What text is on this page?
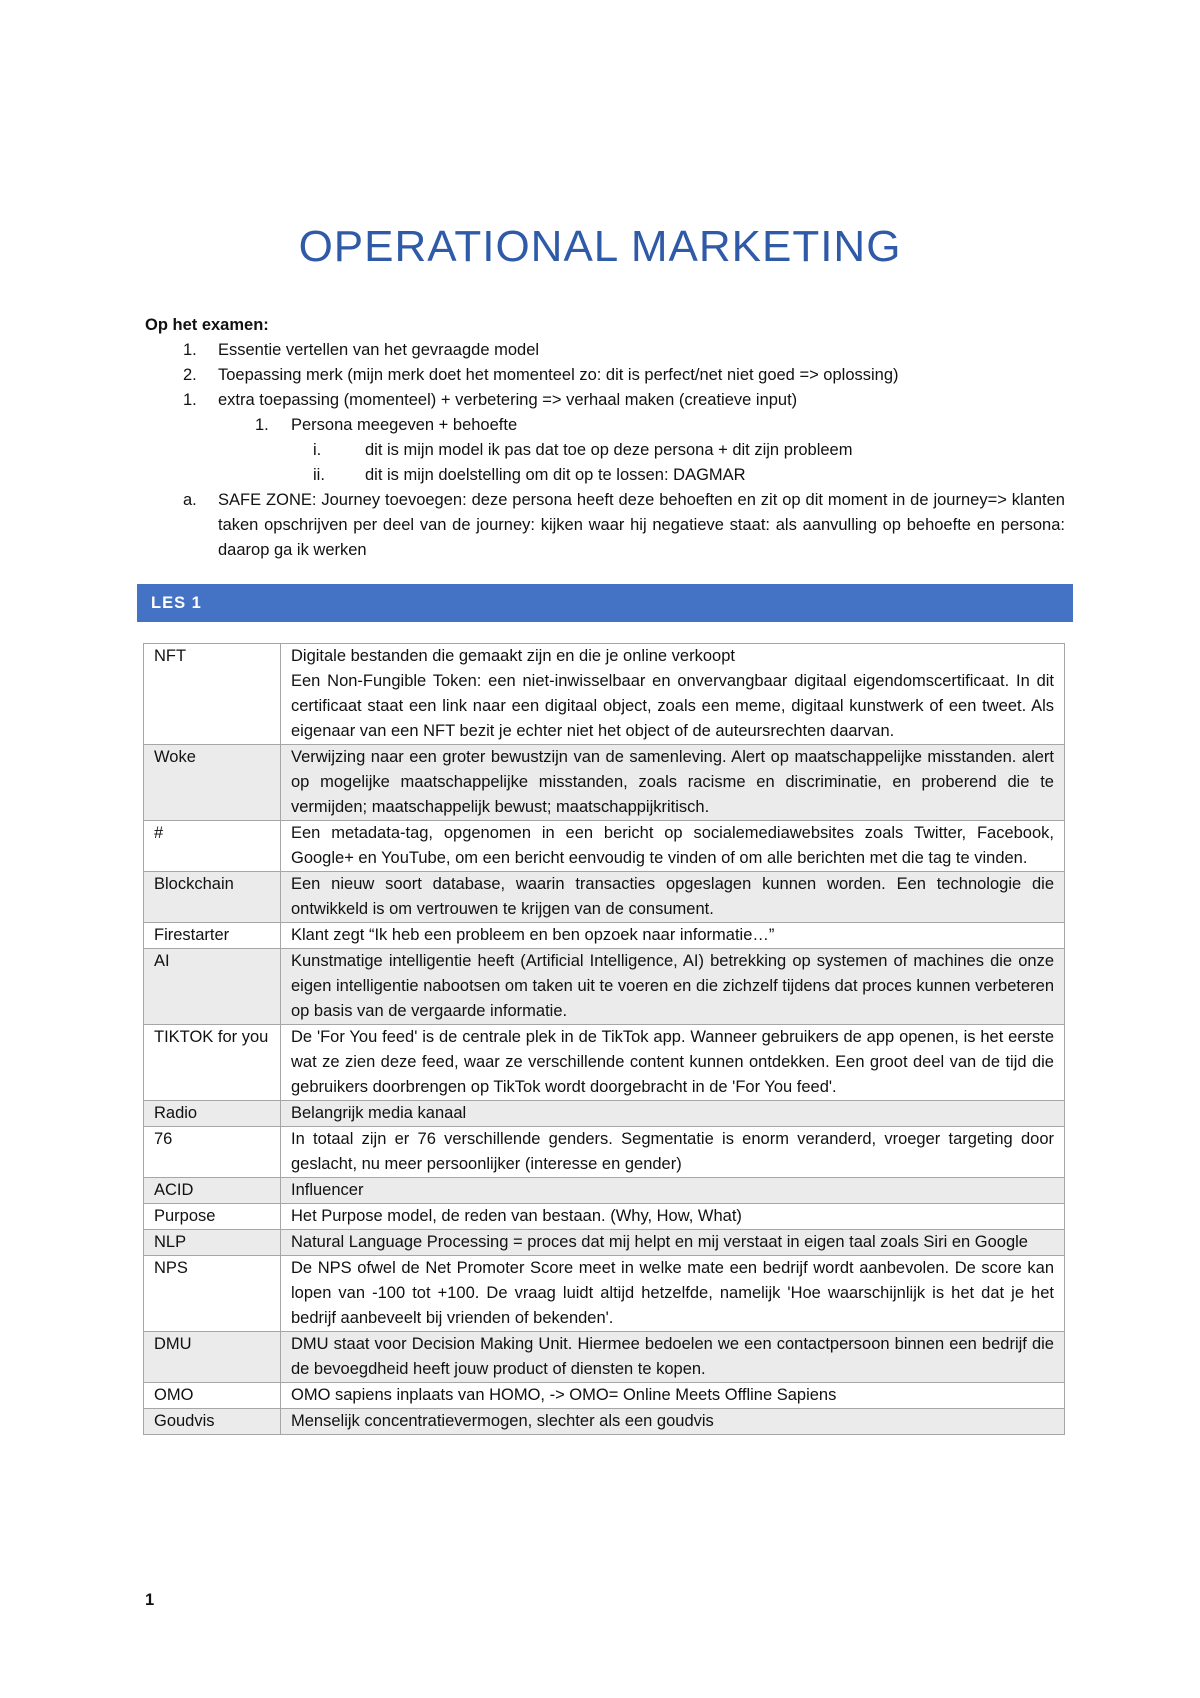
OPERATIONAL MARKETING
Op het examen:
1. Essentie vertellen van het gevraagde model
2. Toepassing merk (mijn merk doet het momenteel zo: dit is perfect/net niet goed => oplossing)
1. extra toepassing (momenteel) + verbetering => verhaal maken (creatieve input)
1. Persona meegeven + behoefte
i.	dit is mijn model ik pas dat toe op deze persona + dit zijn probleem
ii. dit is mijn doelstelling om dit op te lossen: DAGMAR
a. SAFE ZONE: Journey toevoegen: deze persona heeft deze behoeften en zit op dit moment in de journey=> klanten taken opschrijven per deel van de journey: kijken waar hij negatieve staat: als aanvulling op behoefte en persona: daarop ga ik werken
LES 1
NFT	Digitale bestanden die gemaakt zijn en die je online verkoopt
Een Non-Fungible Token: een niet-inwisselbaar en onvervangbaar digitaal eigendomscertificaat. In dit certificaat staat een link naar een digitaal object, zoals een meme, digitaal kunstwerk of een tweet. Als eigenaar van een NFT bezit je echter niet het object of de auteursrechten daarvan.
Woke	Verwijzing naar een groter bewustzijn van de samenleving. Alert op maatschappelijke misstanden. alert op mogelijke maatschappelijke misstanden, zoals racisme en discriminatie, en proberend die te vermijden; maatschappelijk bewust; maatschappijkritisch.
#	Een metadata-tag, opgenomen in een bericht op socialemediawebsites zoals Twitter, Facebook, Google+ en YouTube, om een bericht eenvoudig te vinden of om alle berichten met die tag te vinden.
Blockchain	Een nieuw soort database, waarin transacties opgeslagen kunnen worden. Een technologie die ontwikkeld is om vertrouwen te krijgen van de consument.
Firestarter	Klant zegt “Ik heb een probleem en ben opzoek naar informatie…”
AI	Kunstmatige intelligentie heeft (Artificial Intelligence, AI) betrekking op systemen of machines die onze eigen intelligentie nabootsen om taken uit te voeren en die zichzelf tijdens dat proces kunnen verbeteren op basis van de vergaarde informatie.
TIKTOK for you	De 'For You feed' is de centrale plek in de TikTok app. Wanneer gebruikers de app openen, is het eerste wat ze zien deze feed, waar ze verschillende content kunnen ontdekken. Een groot deel van de tijd die gebruikers doorbrengen op TikTok wordt doorgebracht in de 'For You feed'.
Radio	Belangrijk media kanaal
76	In totaal zijn er 76 verschillende genders. Segmentatie is enorm veranderd, vroeger targeting door geslacht, nu meer persoonlijker (interesse en gender)
ACID	Influencer
Purpose	Het Purpose model, de reden van bestaan. (Why, How, What)
NLP	Natural Language Processing = proces dat mij helpt en mij verstaat in eigen taal zoals Siri en Google
NPS	De NPS ofwel de Net Promoter Score meet in welke mate een bedrijf wordt aanbevolen. De score kan lopen van -100 tot +100. De vraag luidt altijd hetzelfde, namelijk 'Hoe waarschijnlijk is het dat je het bedrijf aanbeveelt bij vrienden of bekenden'.
DMU	DMU staat voor Decision Making Unit. Hiermee bedoelen we een contactpersoon binnen een bedrijf die de bevoegdheid heeft jouw product of diensten te kopen.
OMO	OMO sapiens inplaats van HOMO, -> OMO= Online Meets Offline Sapiens
Goudvis	Menselijk concentratievermogen, slechter als een goudvis
1
